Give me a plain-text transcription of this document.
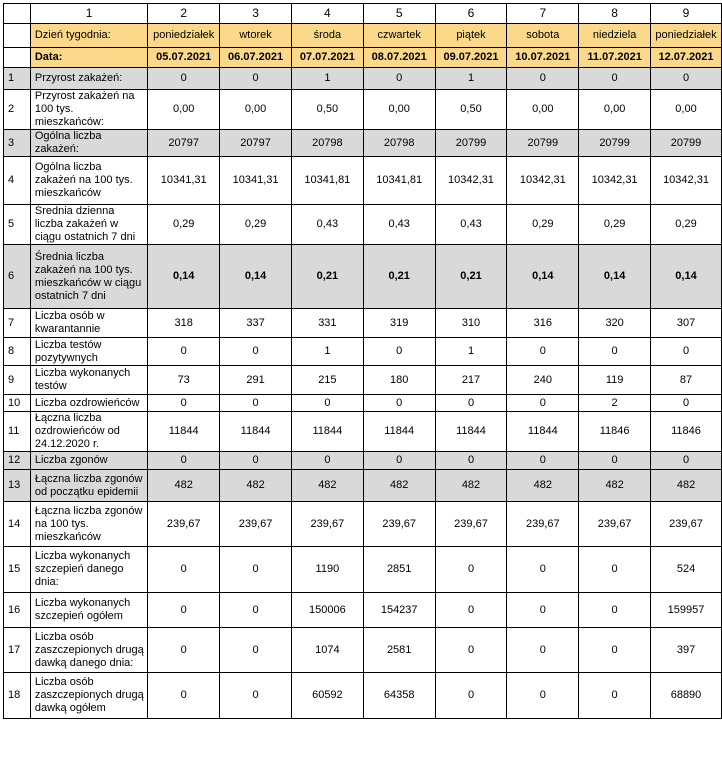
	1	2	3	4	5	6	7	8	9
	Dzień tygodnia:	poniedziałek	wtorek	środa	czwartek	piątek	sobota	niedziela	poniedziałek
	Data:	05.07.2021	06.07.2021	07.07.2021	08.07.2021	09.07.2021	10.07.2021	11.07.2021	12.07.2021
1	Przyrost zakażeń:	0	0	1	0	1	0	0	0
2	Przyrost zakażeń na 100 tys. mieszkańców:	0,00	0,00	0,50	0,00	0,50	0,00	0,00	0,00
3	Ogólna liczba zakażeń:	20797	20797	20798	20798	20799	20799	20799	20799
4	Ogólna liczba zakażeń na 100 tys. mieszkańców	10341,31	10341,31	10341,81	10341,81	10342,31	10342,31	10342,31	10342,31
5	Średnia dzienna liczba zakażeń w ciągu ostatnich 7 dni	0,29	0,29	0,43	0,43	0,43	0,29	0,29	0,29
6	Średnia liczba zakażeń na 100 tys. mieszkańców w ciągu ostatnich 7 dni	0,14	0,14	0,21	0,21	0,21	0,14	0,14	0,14
7	Liczba osób w kwarantannie	318	337	331	319	310	316	320	307
8	Liczba testów pozytywnych	0	0	1	0	1	0	0	0
9	Liczba wykonanych testów	73	291	215	180	217	240	119	87
10	Liczba ozdrowieńców	0	0	0	0	0	0	2	0
11	Łączna liczba ozdrowieńców od 24.12.2020 r.	11844	11844	11844	11844	11844	11844	11846	11846
12	Liczba zgonów	0	0	0	0	0	0	0	0
13	Łączna liczba zgonów od początku epidemii	482	482	482	482	482	482	482	482
14	Łączna liczba zgonów na 100 tys. mieszkańców	239,67	239,67	239,67	239,67	239,67	239,67	239,67	239,67
15	Liczba wykonanych szczepień danego dnia:	0	0	1190	2851	0	0	0	524
16	Liczba wykonanych szczepień ogółem	0	0	150006	154237	0	0	0	159957
17	Liczba osób zaszczepionych drugą dawką danego dnia:	0	0	1074	2581	0	0	0	397
18	Liczba osób zaszczepionych drugą dawką ogółem	0	0	60592	64358	0	0	0	68890
